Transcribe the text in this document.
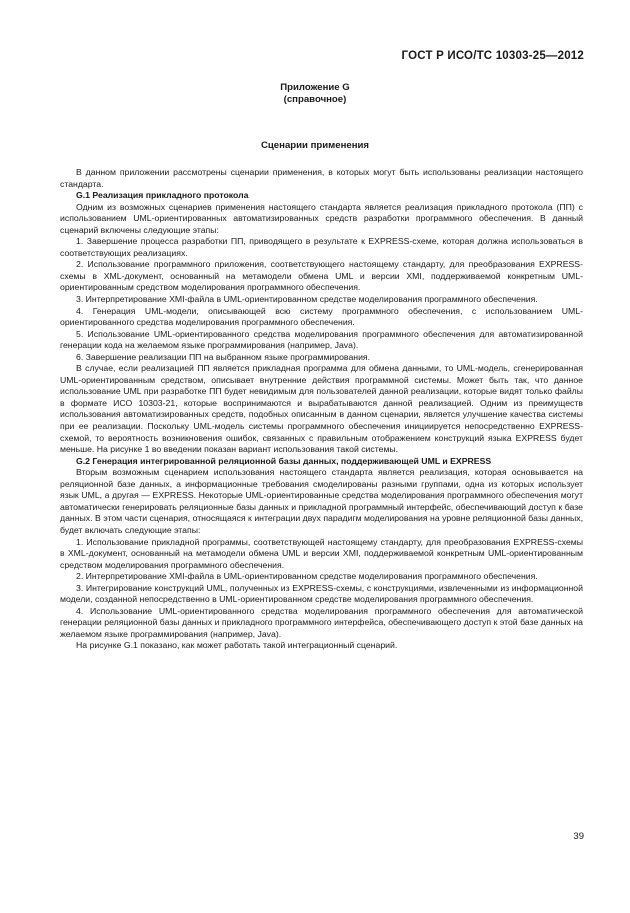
ГОСТ Р ИСО/ТС 10303-25—2012
Приложение G
(справочное)
Сценарии применения

В данном приложении рассмотрены сценарии применения, в которых могут быть использованы реализации настоящего стандарта.

G.1 Реализация прикладного протокола

Одним из возможных сценариев применения настоящего стандарта является реализация прикладного протокола (ПП) с использованием UML-ориентированных автоматизированных средств разработки программного обеспечения. В данный сценарий включены следующие этапы:

1. Завершение процесса разработки ПП, приводящего в результате к EXPRESS-схеме, которая должна использоваться в соответствующих реализациях.

2. Использование программного приложения, соответствующего настоящему стандарту, для преобразования EXPRESS-схемы в XML-документ, основанный на метамодели обмена UML и версии XMI, поддерживаемой конкретным UML-ориентированным средством моделирования программного обеспечения.

3. Интерпретирование XMI-файла в UML-ориентированном средстве моделирования программного обеспечения.

4. Генерация UML-модели, описывающей всю систему программного обеспечения, с использованием UML-ориентированного средства моделирования программного обеспечения.

5. Использование UML-ориентированного средства моделирования программного обеспечения для автоматизированной генерации кода на желаемом языке программирования (например, Java).

6. Завершение реализации ПП на выбранном языке программирования.

В случае, если реализацией ПП является прикладная программа для обмена данными, то UML-модель, сгенерированная UML-ориентированным средством, описывает внутренние действия программной системы. Может быть так, что данное использование UML при разработке ПП будет невидимым для пользователей данной реализации, которые видят только файлы в формате ИСО 10303-21, которые воспринимаются и вырабатываются данной реализацией. Одним из преимуществ использования автоматизированных средств, подобных описанным в данном сценарии, является улучшение качества системы при ее реализации. Поскольку UML-модель системы программного обеспечения инициируется непосредственно EXPRESS-схемой, то вероятность возникновения ошибок, связанных с правильным отображением конструкций языка EXPRESS будет меньше. На рисунке 1 во введении показан вариант использования такой системы.

G.2 Генерация интегрированной реляционной базы данных, поддерживающей UML и EXPRESS

Вторым возможным сценарием использования настоящего стандарта является реализация, которая основывается на реляционной базе данных, а информационные требования смоделированы разными группами, одна из которых использует язык UML, а другая — EXPRESS. Некоторые UML-ориентированные средства моделирования программного обеспечения могут автоматически генерировать реляционные базы данных и прикладной программный интерфейс, обеспечивающий доступ к базе данных. В этом части сценария, относящаяся к интеграции двух парадигм моделирования на уровне реляционной базы данных, будет включать следующие этапы:

1. Использование прикладной программы, соответствующей настоящему стандарту, для преобразования EXPRESS-схемы в XML-документ, основанный на метамодели обмена UML и версии XMI, поддерживаемой конкретным UML-ориентированным средством моделирования программного обеспечения.

2. Интерпретирование XMI-файла в UML-ориентированном средстве моделирования программного обеспечения.

3. Интегрирование конструкций UML, полученных из EXPRESS-схемы, с конструкциями, извлеченными из информационной модели, созданной непосредственно в UML-ориентированном средстве моделирования программного обеспечения.

4. Использование UML-ориентированного средства моделирования программного обеспечения для автоматической генерации реляционной базы данных и прикладного программного интерфейса, обеспечивающего доступ к этой базе данных на желаемом языке программирования (например, Java).

На рисунке G.1 показано, как может работать такой интеграционный сценарий.

39
